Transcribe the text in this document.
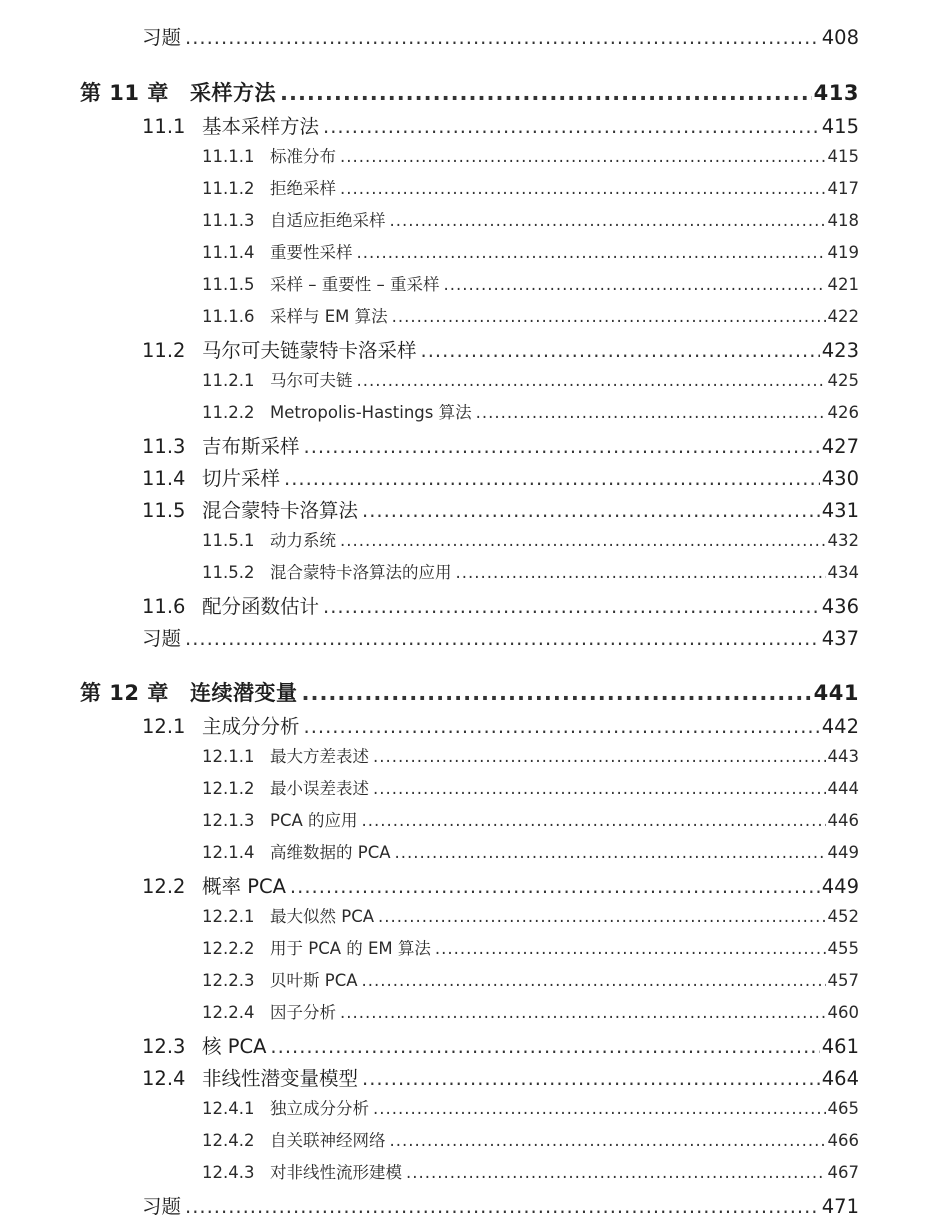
习题 .....	408
第 11 章	采样方法 .....	413
11.1 基本采样方法 .....	415
11.1.1 标准分布 .....	415
11.1.2 拒绝采样 .....	417
11.1.3 自适应拒绝采样 .....	418
11.1.4 重要性采样 .....	419
11.1.5 采样 – 重要性 – 重采样 .....	421
11.1.6 采样与 EM 算法 .....	422
11.2 马尔可夫链蒙特卡洛采样 .....	423
11.2.1 马尔可夫链 .....	425
11.2.2 Metropolis-Hastings 算法 .....	426
11.3 吉布斯采样 .....	427
11.4 切片采样 .....	430
11.5 混合蒙特卡洛算法 .....	431
11.5.1 动力系统 .....	432
11.5.2 混合蒙特卡洛算法的应用 .....	434
11.6 配分函数估计 .....	436
习题 .....	437
第 12 章	连续潜变量 .....	441
12.1 主成分分析 .....	442
12.1.1 最大方差表述 .....	443
12.1.2 最小误差表述 .....	444
12.1.3 PCA 的应用 .....	446
12.1.4 高维数据的 PCA .....	449
12.2 概率 PCA .....	449
12.2.1 最大似然 PCA .....	452
12.2.2 用于 PCA 的 EM 算法 .....	455
12.2.3 贝叶斯 PCA .....	457
12.2.4 因子分析 .....	460
12.3 核 PCA .....	461
12.4 非线性潜变量模型 .....	464
12.4.1 独立成分分析 .....	465
12.4.2 自关联神经网络 .....	466
12.4.3 对非线性流形建模 .....	467
习题 .....	471
